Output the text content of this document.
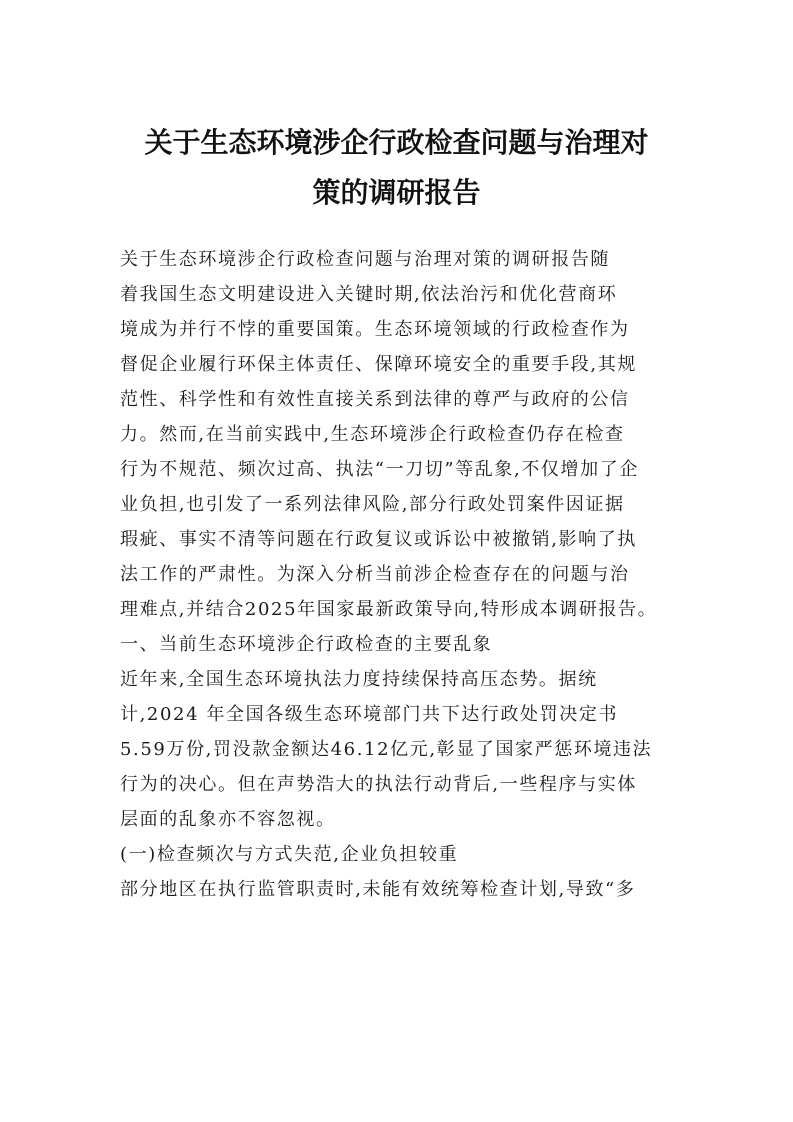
关于生态环境涉企行政检查问题与治理对
策的调研报告
关于生态环境涉企行政检查问题与治理对策的调研报告随
着我国生态文明建设进入关键时期,依法治污和优化营商环
境成为并行不悖的重要国策。生态环境领域的行政检查作为
督促企业履行环保主体责任、保障环境安全的重要手段,其规
范性、科学性和有效性直接关系到法律的尊严与政府的公信
力。然而,在当前实践中,生态环境涉企行政检查仍存在检查
行为不规范、频次过高、执法“一刀切”等乱象,不仅增加了企
业负担,也引发了一系列法律风险,部分行政处罚案件因证据
瑕疵、事实不清等问题在行政复议或诉讼中被撤销,影响了执
法工作的严肃性。为深入分析当前涉企检查存在的问题与治
理难点,并结合2025年国家最新政策导向,特形成本调研报告。
一、当前生态环境涉企行政检查的主要乱象
近年来,全国生态环境执法力度持续保持高压态势。据统
计,2024 年全国各级生态环境部门共下达行政处罚决定书
5.59万份,罚没款金额达46.12亿元,彰显了国家严惩环境违法
行为的决心。但在声势浩大的执法行动背后,一些程序与实体
层面的乱象亦不容忽视。
(一)检查频次与方式失范,企业负担较重
部分地区在执行监管职责时,未能有效统筹检查计划,导致“多
